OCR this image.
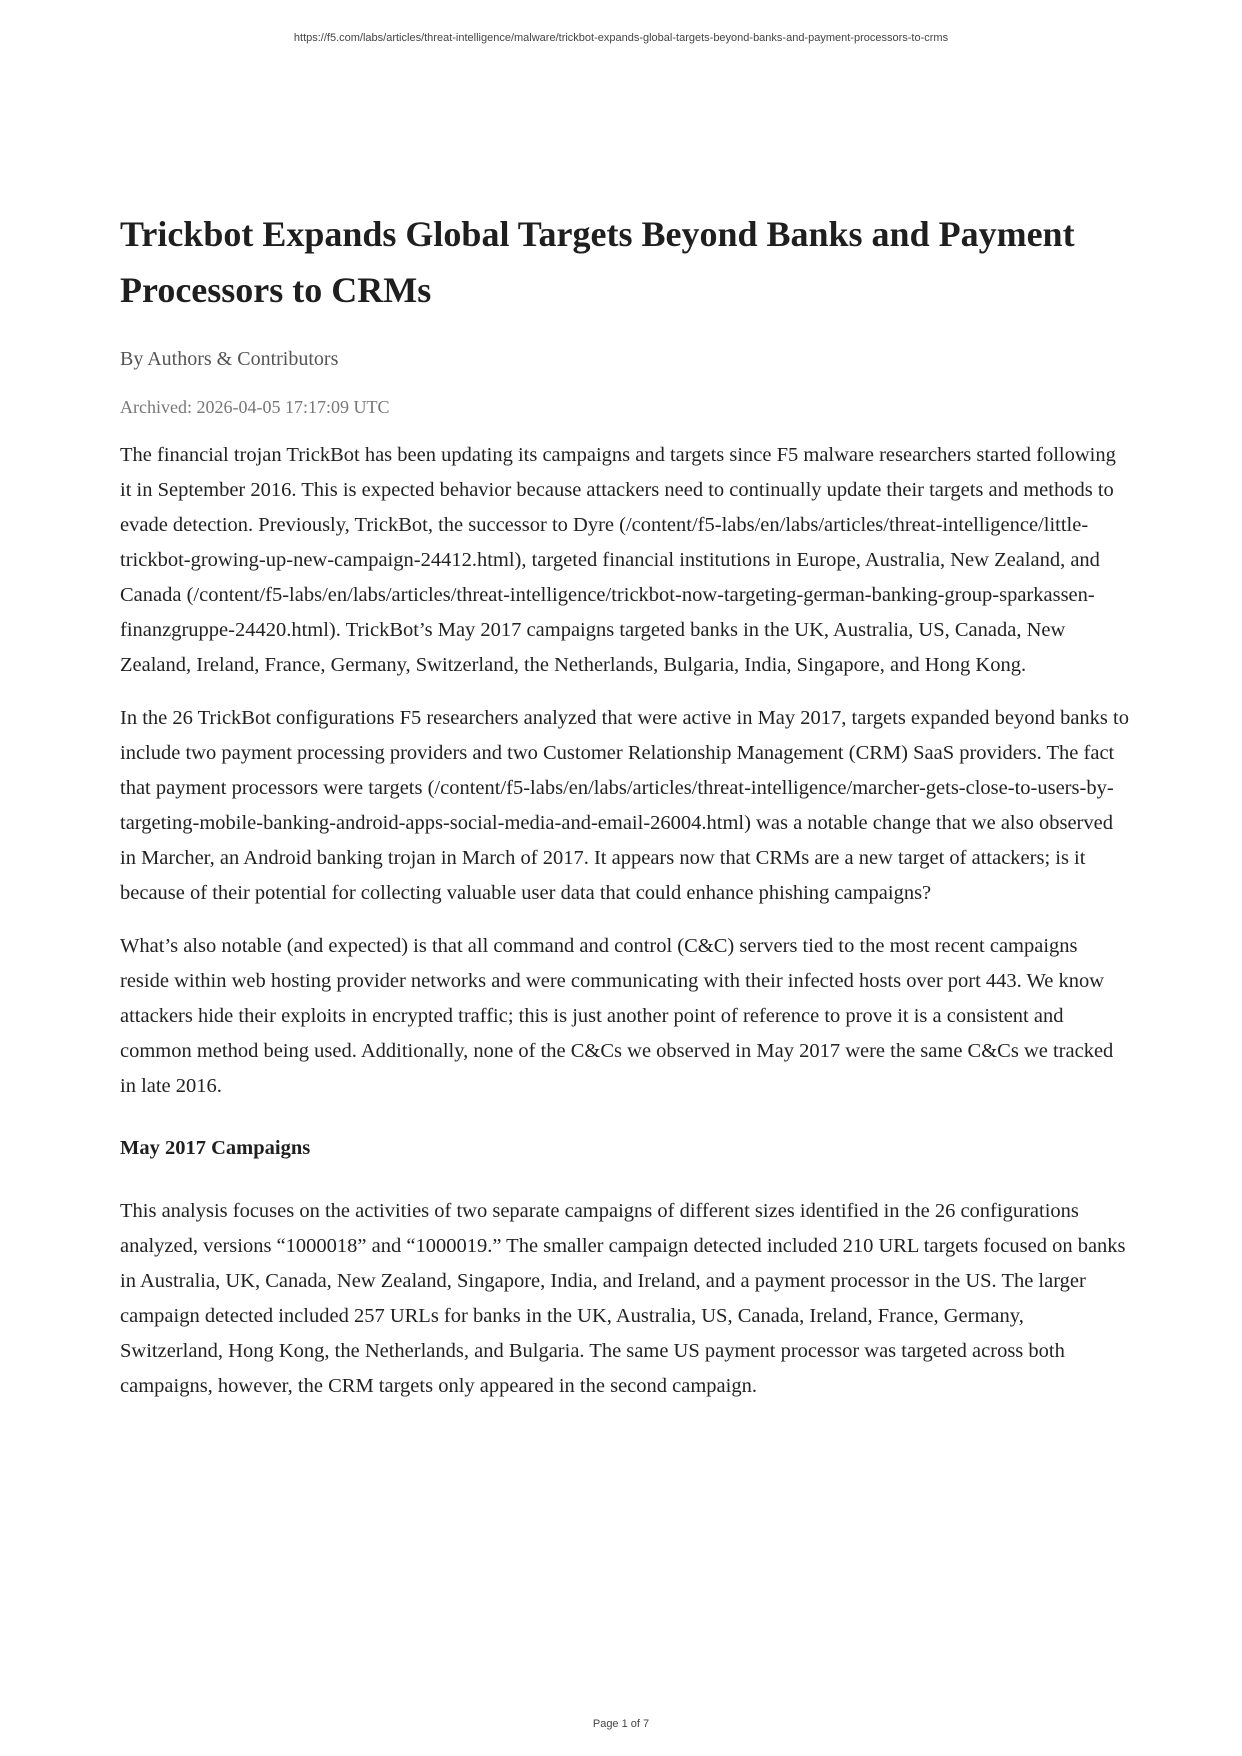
https://f5.com/labs/articles/threat-intelligence/malware/trickbot-expands-global-targets-beyond-banks-and-payment-processors-to-crms
Trickbot Expands Global Targets Beyond Banks and Payment
Processors to CRMs
By Authors & Contributors
Archived: 2026-04-05 17:17:09 UTC

The financial trojan TrickBot has been updating its campaigns and targets since F5 malware researchers started following it in September 2016. This is expected behavior because attackers need to continually update their targets and methods to evade detection. Previously, TrickBot, the successor to Dyre (/content/f5-labs/en/labs/articles/threat-intelligence/little-trickbot-growing-up-new-campaign-24412.html), targeted financial institutions in Europe, Australia, New Zealand, and Canada (/content/f5-labs/en/labs/articles/threat-intelligence/trickbot-now-targeting-german-banking-group-sparkassen-finanzgruppe-24420.html). TrickBot’s May 2017 campaigns targeted banks in the UK, Australia, US, Canada, New Zealand, Ireland, France, Germany, Switzerland, the Netherlands, Bulgaria, India, Singapore, and Hong Kong.

In the 26 TrickBot configurations F5 researchers analyzed that were active in May 2017, targets expanded beyond banks to include two payment processing providers and two Customer Relationship Management (CRM) SaaS providers. The fact that payment processors were targets (/content/f5-labs/en/labs/articles/threat-intelligence/marcher-gets-close-to-users-by-targeting-mobile-banking-android-apps-social-media-and-email-26004.html) was a notable change that we also observed in Marcher, an Android banking trojan in March of 2017. It appears now that CRMs are a new target of attackers; is it because of their potential for collecting valuable user data that could enhance phishing campaigns?

What’s also notable (and expected) is that all command and control (C&C) servers tied to the most recent campaigns reside within web hosting provider networks and were communicating with their infected hosts over port 443. We know attackers hide their exploits in encrypted traffic; this is just another point of reference to prove it is a consistent and common method being used. Additionally, none of the C&Cs we observed in May 2017 were the same C&Cs we tracked in late 2016.

May 2017 Campaigns

This analysis focuses on the activities of two separate campaigns of different sizes identified in the 26 configurations analyzed, versions “1000018” and “1000019.” The smaller campaign detected included 210 URL targets focused on banks in Australia, UK, Canada, New Zealand, Singapore, India, and Ireland, and a payment processor in the US. The larger campaign detected included 257 URLs for banks in the UK, Australia, US, Canada, Ireland, France, Germany, Switzerland, Hong Kong, the Netherlands, and Bulgaria. The same US payment processor was targeted across both campaigns, however, the CRM targets only appeared in the second campaign.

Page 1 of 7
